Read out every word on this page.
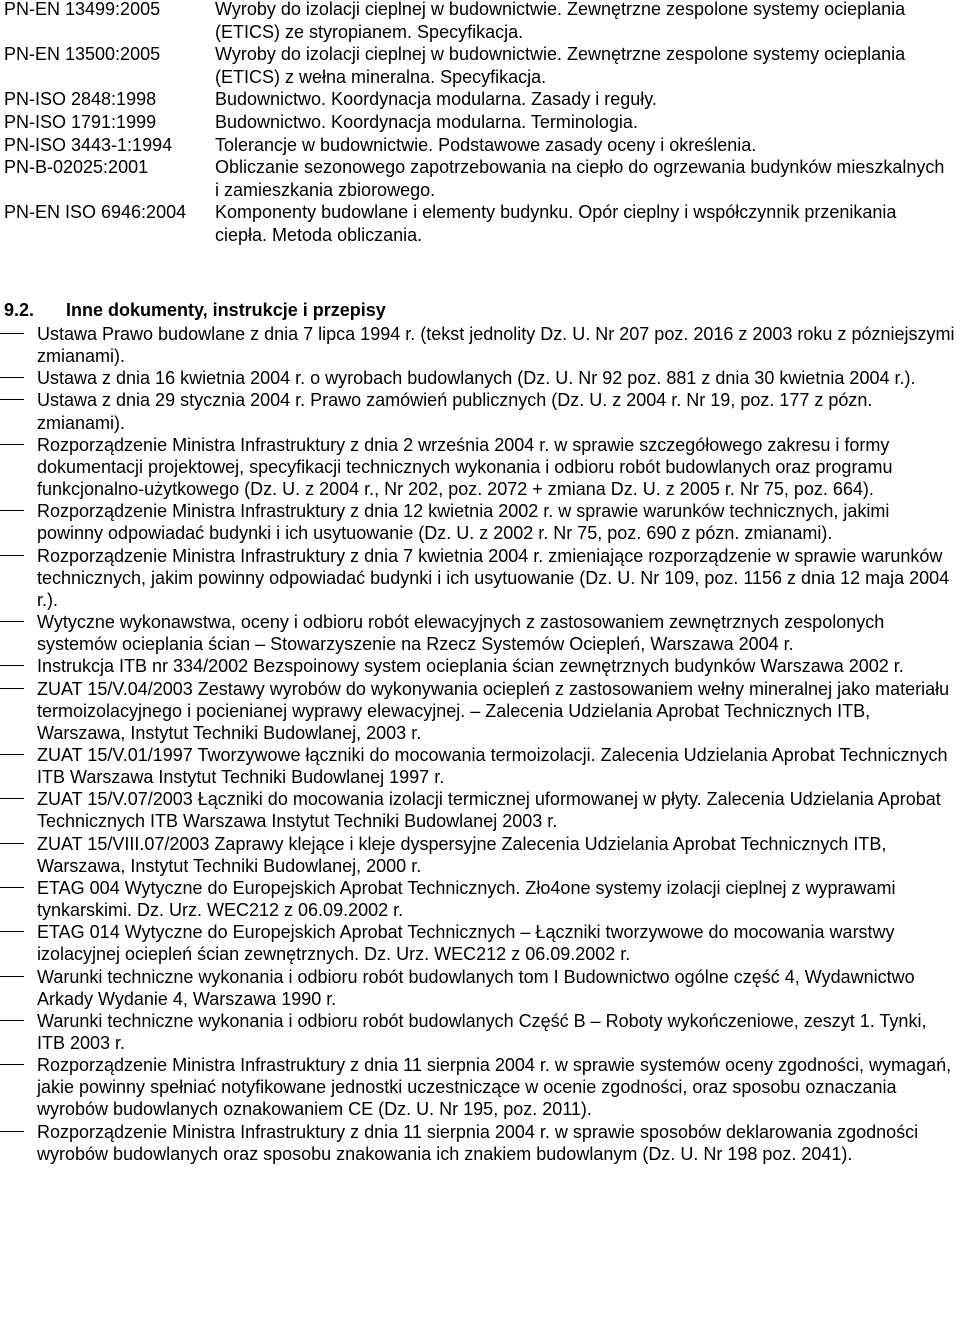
PN-EN 13499:2005	Wyroby do izolacji cieplnej w budownictwie. Zewnętrzne zespolone systemy ocieplania (ETICS) ze styropianem. Specyfikacja.
PN-EN 13500:2005	Wyroby do izolacji cieplnej w budownictwie. Zewnętrzne zespolone systemy ocieplania (ETICS) z wełna mineralna. Specyfikacja.
PN-ISO 2848:1998	Budownictwo. Koordynacja modularna. Zasady i reguły.
PN-ISO 1791:1999	Budownictwo. Koordynacja modularna. Terminologia.
PN-ISO 3443-1:1994	Tolerancje w budownictwie. Podstawowe zasady oceny i określenia.
PN-B-02025:2001	Obliczanie sezonowego zapotrzebowania na ciepło do ogrzewania budynków mieszkalnych i zamieszkania zbiorowego.
PN-EN ISO 6946:2004	Komponenty budowlane i elementy budynku. Opór cieplny i współczynnik przenikania ciepła. Metoda obliczania.
9.2. Inne dokumenty, instrukcje i przepisy
Ustawa Prawo budowlane z dnia 7 lipca 1994 r. (tekst jednolity Dz. U. Nr 207 poz. 2016 z 2003 roku z pózniejszymi zmianami).
Ustawa z dnia 16 kwietnia 2004 r. o wyrobach budowlanych (Dz. U. Nr 92 poz. 881 z dnia 30 kwietnia 2004 r.).
Ustawa z dnia 29 stycznia 2004 r. Prawo zamówień publicznych (Dz. U. z 2004 r. Nr 19, poz. 177 z pózn. zmianami).
Rozporządzenie Ministra Infrastruktury z dnia 2 września 2004 r. w sprawie szczegółowego zakresu i formy dokumentacji projektowej, specyfikacji technicznych wykonania i odbioru robót budowlanych oraz programu funkcjonalno-użytkowego (Dz. U. z 2004 r., Nr 202, poz. 2072 + zmiana Dz. U. z 2005 r. Nr 75, poz. 664).
Rozporządzenie Ministra Infrastruktury z dnia 12 kwietnia 2002 r. w sprawie warunków technicznych, jakimi powinny odpowiadać budynki i ich usytuowanie (Dz. U. z 2002 r. Nr 75, poz. 690 z pózn. zmianami).
Rozporządzenie Ministra Infrastruktury z dnia 7 kwietnia 2004 r. zmieniające rozporządzenie w sprawie warunków technicznych, jakim powinny odpowiadać budynki i ich usytuowanie (Dz. U. Nr 109, poz. 1156 z dnia 12 maja 2004 r.).
Wytyczne wykonawstwa, oceny i odbioru robót elewacyjnych z zastosowaniem zewnętrznych zespolonych systemów ocieplania ścian – Stowarzyszenie na Rzecz Systemów Ociepleń, Warszawa 2004 r.
Instrukcja ITB nr 334/2002 Bezspoinowy system ocieplania ścian zewnętrznych budynków Warszawa 2002 r.
ZUAT 15/V.04/2003 Zestawy wyrobów do wykonywania ociepleń z zastosowaniem wełny mineralnej jako materiału termoizolacyjnego i pocienianej wyprawy elewacyjnej. – Zalecenia Udzielania Aprobat Technicznych ITB, Warszawa, Instytut Techniki Budowlanej, 2003 r.
ZUAT 15/V.01/1997 Tworzywowe łączniki do mocowania termoizolacji. Zalecenia Udzielania Aprobat Technicznych ITB Warszawa Instytut Techniki Budowlanej 1997 r.
ZUAT 15/V.07/2003 Łączniki do mocowania izolacji termicznej uformowanej w płyty. Zalecenia Udzielania Aprobat Technicznych ITB Warszawa Instytut Techniki Budowlanej 2003 r.
ZUAT 15/VIII.07/2003 Zaprawy klejące i kleje dyspersyjne Zalecenia Udzielania Aprobat Technicznych ITB, Warszawa, Instytut Techniki Budowlanej, 2000 r.
ETAG 004 Wytyczne do Europejskich Aprobat Technicznych. Zło4one systemy izolacji cieplnej z wyprawami tynkarskimi. Dz. Urz. WEC212 z 06.09.2002 r.
ETAG 014 Wytyczne do Europejskich Aprobat Technicznych – Łączniki tworzywowe do mocowania warstwy izolacyjnej ociepleń ścian zewnętrznych. Dz. Urz. WEC212 z 06.09.2002 r.
Warunki techniczne wykonania i odbioru robót budowlanych tom I Budownictwo ogólne część 4, Wydawnictwo Arkady Wydanie 4, Warszawa 1990 r.
Warunki techniczne wykonania i odbioru robót budowlanych Część B – Roboty wykończeniowe, zeszyt 1. Tynki, ITB 2003 r.
Rozporządzenie Ministra Infrastruktury z dnia 11 sierpnia 2004 r. w sprawie systemów oceny zgodności, wymagań, jakie powinny spełniać notyfikowane jednostki uczestniczące w ocenie zgodności, oraz sposobu oznaczania wyrobów budowlanych oznakowaniem CE (Dz. U. Nr 195, poz. 2011).
Rozporządzenie Ministra Infrastruktury z dnia 11 sierpnia 2004 r. w sprawie sposobów deklarowania zgodności wyrobów budowlanych oraz sposobu znakowania ich znakiem budowlanym (Dz. U. Nr 198 poz. 2041).
